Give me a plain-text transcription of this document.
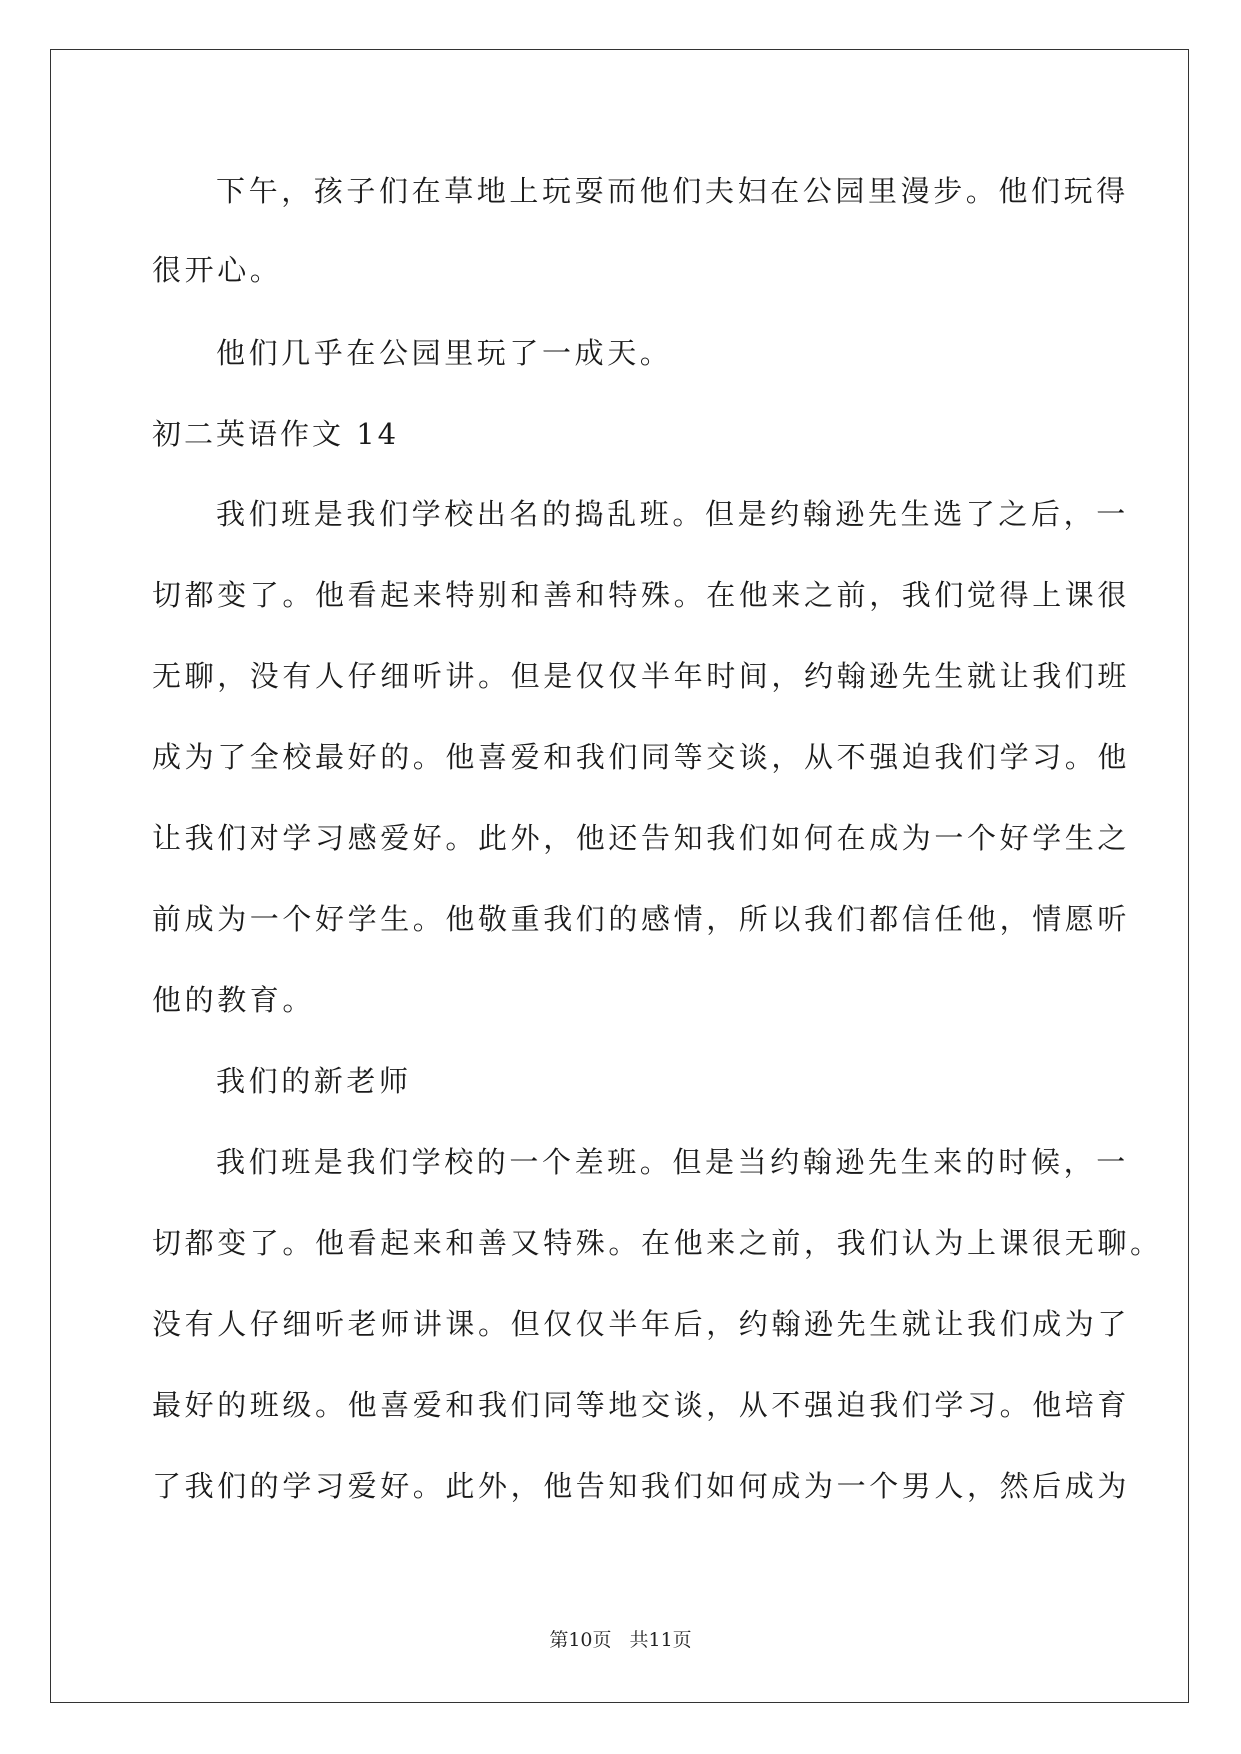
下午，孩子们在草地上玩耍而他们夫妇在公园里漫步。他们玩得
很开心。
他们几乎在公园里玩了一成天。
初二英语作文 14
我们班是我们学校出名的捣乱班。但是约翰逊先生选了之后，一
切都变了。他看起来特别和善和特殊。在他来之前，我们觉得上课很
无聊，没有人仔细听讲。但是仅仅半年时间，约翰逊先生就让我们班
成为了全校最好的。他喜爱和我们同等交谈，从不强迫我们学习。他
让我们对学习感爱好。此外，他还告知我们如何在成为一个好学生之
前成为一个好学生。他敬重我们的感情，所以我们都信任他，情愿听
他的教育。
我们的新老师
我们班是我们学校的一个差班。但是当约翰逊先生来的时候，一
切都变了。他看起来和善又特殊。在他来之前，我们认为上课很无聊。
没有人仔细听老师讲课。但仅仅半年后，约翰逊先生就让我们成为了
最好的班级。他喜爱和我们同等地交谈，从不强迫我们学习。他培育
了我们的学习爱好。此外，他告知我们如何成为一个男人，然后成为
第10页 共11页
